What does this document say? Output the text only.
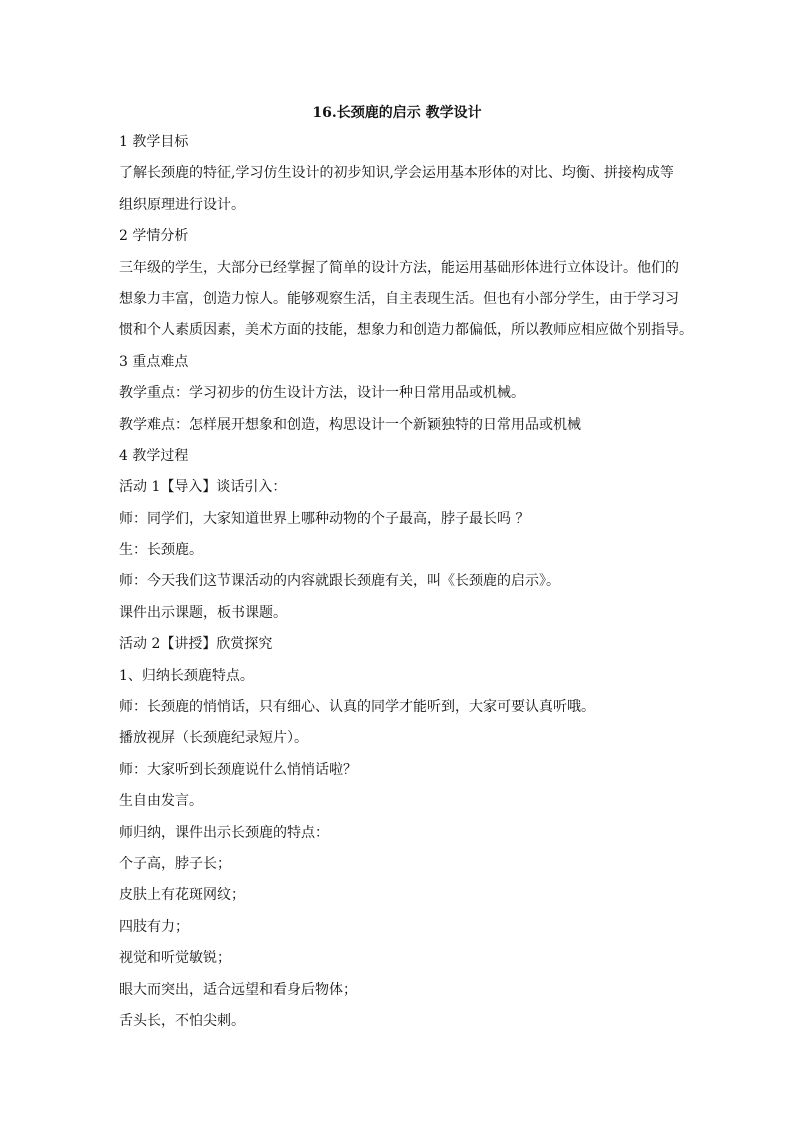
16.长颈鹿的启示 教学设计
1 教学目标
了解长颈鹿的特征,学习仿生设计的初步知识,学会运用基本形体的对比、均衡、拼接构成等
组织原理进行设计。
2 学情分析
三年级的学生，大部分已经掌握了简单的设计方法，能运用基础形体进行立体设计。他们的
想象力丰富，创造力惊人。能够观察生活，自主表现生活。但也有小部分学生，由于学习习
惯和个人素质因素，美术方面的技能，想象力和创造力都偏低，所以教师应相应做个别指导。
3 重点难点
教学重点：学习初步的仿生设计方法，设计一种日常用品或机械。
教学难点：怎样展开想象和创造，构思设计一个新颖独特的日常用品或机械
4 教学过程
活动 1【导入】谈话引入：
师：同学们，大家知道世界上哪种动物的个子最高，脖子最长吗 ？
生：长颈鹿。
师：今天我们这节课活动的内容就跟长颈鹿有关，叫《长颈鹿的启示》。
课件出示课题，板书课题。
活动 2【讲授】欣赏探究
1、归纳长颈鹿特点。
师：长颈鹿的悄悄话，只有细心、认真的同学才能听到，大家可要认真听哦。
播放视屏（长颈鹿纪录短片）。
师：大家听到长颈鹿说什么悄悄话啦？
生自由发言。
师归纳，课件出示长颈鹿的特点：
个子高，脖子长；
皮肤上有花斑网纹；
四肢有力；
视觉和听觉敏锐；
眼大而突出，适合远望和看身后物体；
舌头长，不怕尖刺。
